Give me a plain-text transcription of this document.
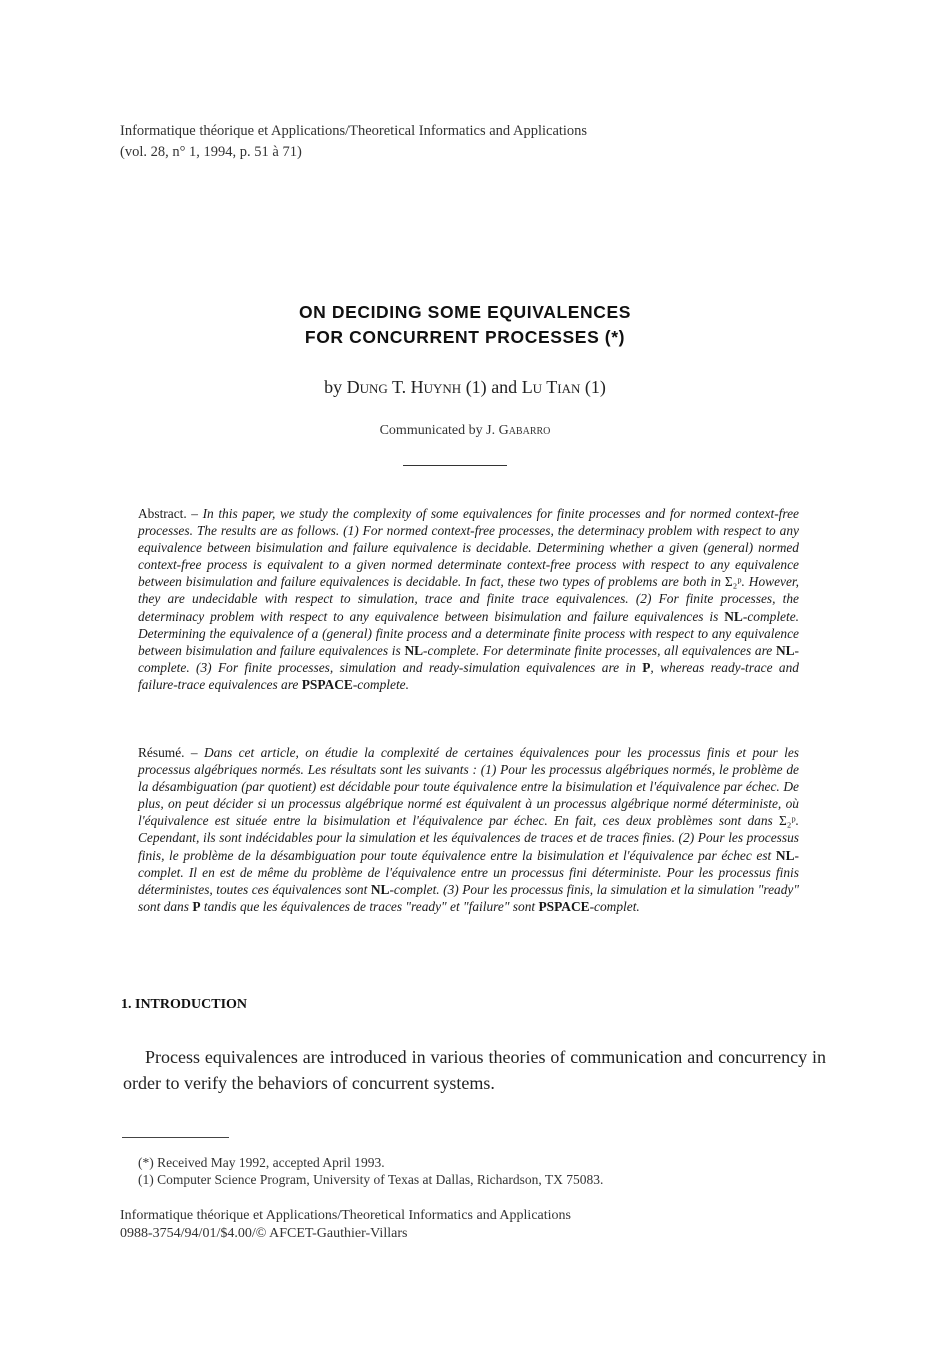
Informatique théorique et Applications/Theoretical Informatics and Applications
(vol. 28, n° 1, 1994, p. 51 à 71)
ON DECIDING SOME EQUIVALENCES
FOR CONCURRENT PROCESSES (*)
by Dung T. Huynh (1) and Lu Tian (1)
Communicated by J. Gabarro
Abstract. – In this paper, we study the complexity of some equivalences for finite processes and for normed context-free processes. The results are as follows. (1) For normed context-free processes, the determinacy problem with respect to any equivalence between bisimulation and failure equivalence is decidable. Determining whether a given (general) normed context-free process is equivalent to a given normed determinate context-free process with respect to any equivalence between bisimulation and failure equivalences is decidable. In fact, these two types of problems are both in Σ₂ᵖ. However, they are undecidable with respect to simulation, trace and finite trace equivalences. (2) For finite processes, the determinacy problem with respect to any equivalence between bisimulation and failure equivalences is NL-complete. Determining the equivalence of a (general) finite process and a determinate finite process with respect to any equivalence between bisimulation and failure equivalences is NL-complete. For determinate finite processes, all equivalences are NL-complete. (3) For finite processes, simulation and ready-simulation equivalences are in P, whereas ready-trace and failure-trace equivalences are PSPACE-complete.
Résumé. – Dans cet article, on étudie la complexité de certaines équivalences pour les processus finis et pour les processus algébriques normés. Les résultats sont les suivants : (1) Pour les processus algébriques normés, le problème de la désambiguation (par quotient) est décidable pour toute équivalence entre la bisimulation et l'équivalence par échec. De plus, on peut décider si un processus algébrique normé est équivalent à un processus algébrique normé déterministe, où l'équivalence est située entre la bisimulation et l'équivalence par échec. En fait, ces deux problèmes sont dans Σ₂ᵖ. Cependant, ils sont indécidables pour la simulation et les équivalences de traces et de traces finies. (2) Pour les processus finis, le problème de la désambiguation pour toute équivalence entre la bisimulation et l'équivalence par échec est NL-complet. Il en est de même du problème de l'équivalence entre un processus fini déterministe. Pour les processus finis déterministes, toutes ces équivalences sont NL-complet. (3) Pour les processus finis, la simulation et la simulation "ready" sont dans P tandis que les équivalences de traces "ready" et "failure" sont PSPACE-complet.
1. INTRODUCTION
Process equivalences are introduced in various theories of communication and concurrency in order to verify the behaviors of concurrent systems.
(*) Received May 1992, accepted April 1993.
(1) Computer Science Program, University of Texas at Dallas, Richardson, TX 75083.
Informatique théorique et Applications/Theoretical Informatics and Applications
0988-3754/94/01/$4.00/© AFCET-Gauthier-Villars
